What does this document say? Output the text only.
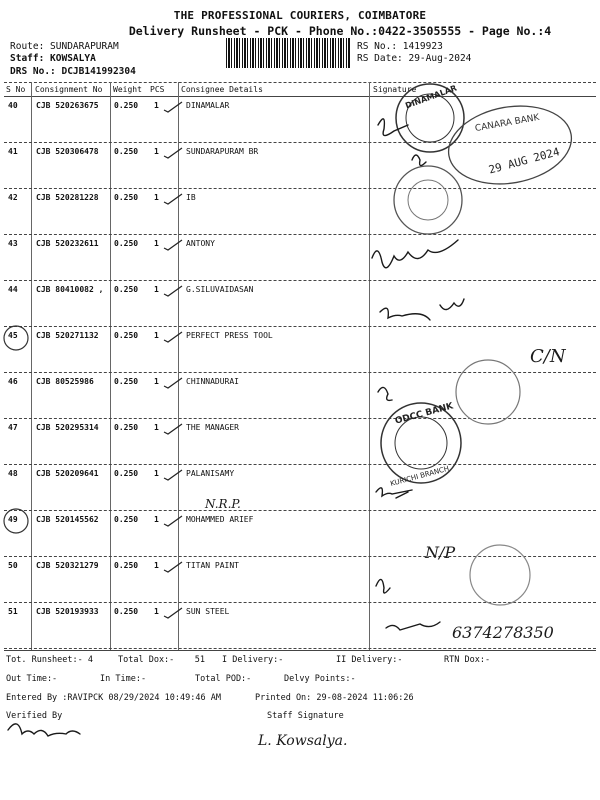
THE PROFESSIONAL COURIERS, COIMBATORE
Delivery Runsheet - PCK - Phone No.:0422-3505555 - Page No.:4
Route: SUNDARAPURAM
Staff: KOWSALYA
DRS No.: DCJB141992304
RS No.: 1419923
RS Date: 29-Aug-2024
S No Consignment No Weight PCS Consignee Details	Signature
40 CJB 520263675 0.250 1	DINAMALAR
41 CJB 520306478 0.250 1	SUNDARAPURAM BR
42 CJB 520281228 0.250 1	IB
43 CJB 520232611 0.250 1	ANTONY
44 CJB 80410082 , 0.250 1	G.SILUVAIDASAN
45 CJB 520271132 0.250 1	PERFECT PRESS TOOL
46 CJB 80525986	0.250 1	CHINNADURAI
47 CJB 520295314 0.250 1	THE MANAGER
48 CJB 520209641 0.250 1	PALANISAMY
49 CJB 520145562 0.250 1	MOHAMMED ARIEF
50 CJB 520321279 0.250 1	TITAN PAINT
51 CJB 520193933 0.250 1	SUN STEEL
Tot. Runsheet:- 4	Total Dox:-    51 I Delivery:-	II Delivery:-	RTN Dox:-
Out Time:-	In Time:-	Total POD:-	Delvy Points:-
Entered By :RAVIPCK 08/29/2024 10:49:46 AM	Printed On: 29-08-2024 11:06:26
Verified By	Staff Signature
DINAMALAR
CANARA BANK
29 AUG 2024
ODCC BANK
KURICHI BRANCH
N.R.P.
C/N
N/P
6374278350
L. Kowsalya.
